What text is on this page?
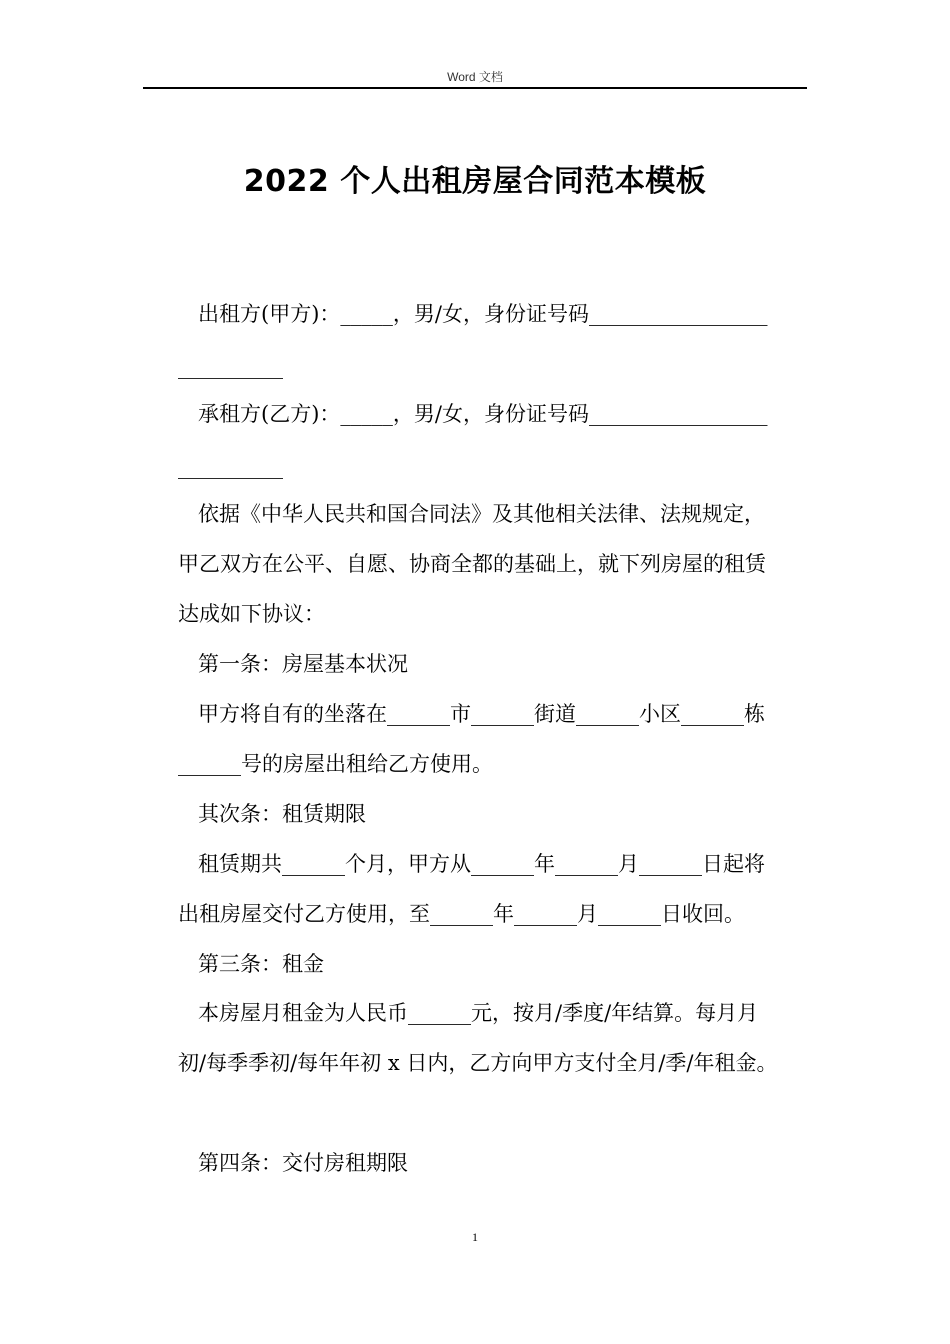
Word 文档
2022 个人出租房屋合同范本模板
出租方(甲方)：_____，男/女，身份证号码_________________
__________
承租方(乙方)：_____，男/女，身份证号码_________________
__________
依据《中华人民共和国合同法》及其他相关法律、法规规定，
甲乙双方在公平、自愿、协商全都的基础上，就下列房屋的租赁
达成如下协议：
第一条：房屋基本状况
甲方将自有的坐落在______市______街道______小区______栋
______号的房屋出租给乙方使用。
其次条：租赁期限
租赁期共______个月，甲方从______年______月______日起将
出租房屋交付乙方使用，至______年______月______日收回。
第三条：租金
本房屋月租金为人民币______元，按月/季度/年结算。每月月
初/每季季初/每年年初 x 日内，乙方向甲方支付全月/季/年租金。
第四条：交付房租期限
1
